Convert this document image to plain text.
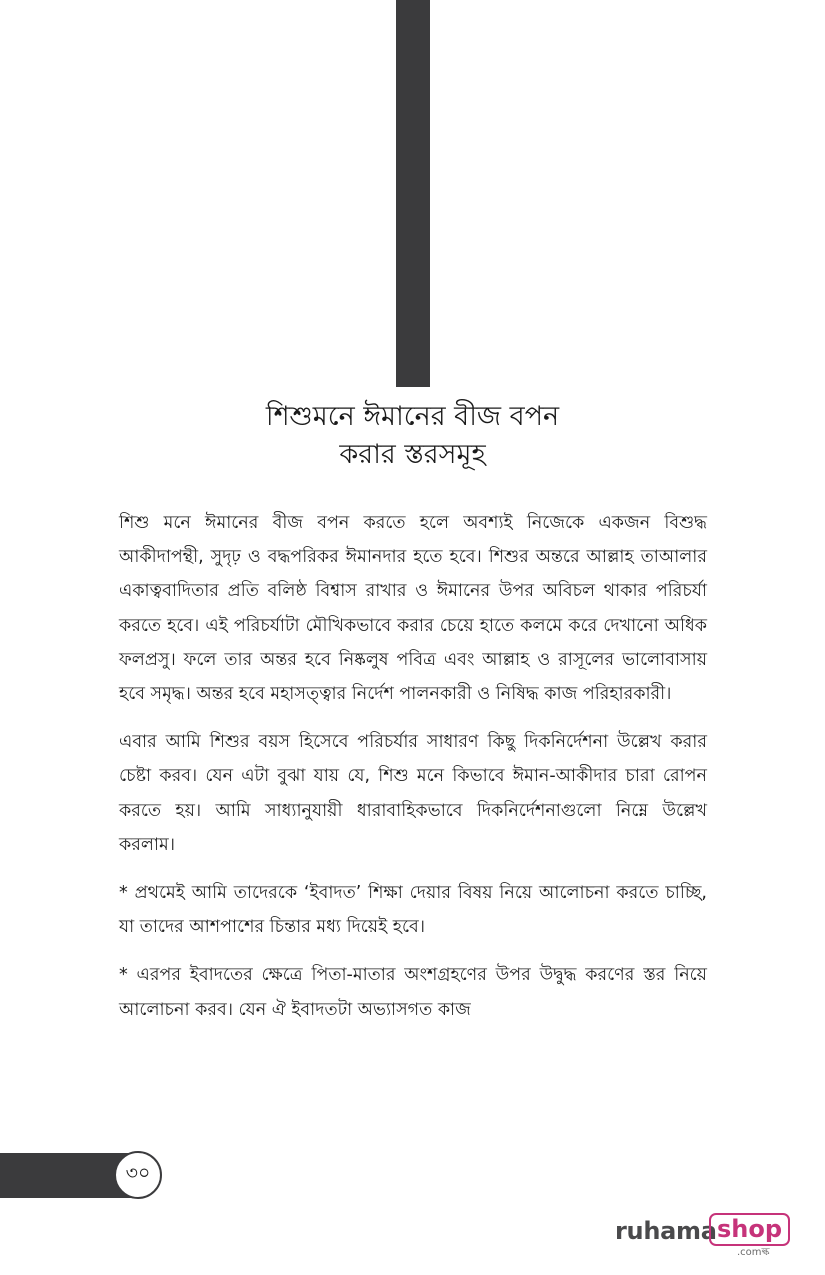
শিশুমনে ঈমানের বীজ বপন
করার স্তরসমূহ

শিশু মনে ঈমানের বীজ বপন করতে হলে অবশ্যই নিজেকে একজন বিশুদ্ধ আকীদাপন্থী, সুদৃঢ় ও বদ্ধপরিকর ঈমানদার হতে হবে। শিশুর অন্তরে আল্লাহ তাআলার একাত্ববাদিতার প্রতি বলিষ্ঠ বিশ্বাস রাখার ও ঈমানের উপর অবিচল থাকার পরিচর্যা করতে হবে। এই পরিচর্যাটা মৌখিকভাবে করার চেয়ে হাতে কলমে করে দেখানো অধিক ফলপ্রসু। ফলে তার অন্তর হবে নিষ্কলুষ পবিত্র এবং আল্লাহ ও রাসূলের ভালোবাসায় হবে সমৃদ্ধ। অন্তর হবে মহাসত্ত্বার নির্দেশ পালনকারী ও নিষিদ্ধ কাজ পরিহারকারী।

এবার আমি শিশুর বয়স হিসেবে পরিচর্যার সাধারণ কিছু দিকনির্দেশনা উল্লেখ করার চেষ্টা করব। যেন এটা বুঝা যায় যে, শিশু মনে কিভাবে ঈমান-আকীদার চারা রোপন করতে হয়। আমি সাধ্যানুযায়ী ধারাবাহিকভাবে দিকনির্দেশনাগুলো নিম্নে উল্লেখ করলাম।

* প্রথমেই আমি তাদেরকে ‘ইবাদত’ শিক্ষা দেয়ার বিষয় নিয়ে আলোচনা করতে চাচ্ছি, যা তাদের আশপাশের চিন্তার মধ্য দিয়েই হবে।

* এরপর ইবাদতের ক্ষেত্রে পিতা-মাতার অংশগ্রহণের উপর উদ্বুদ্ধ করণের স্তর নিয়ে আলোচনা করব। যেন ঐ ইবাদতটা অভ্যাসগত কাজ

৩০
ruhama shop
.comল্ক
